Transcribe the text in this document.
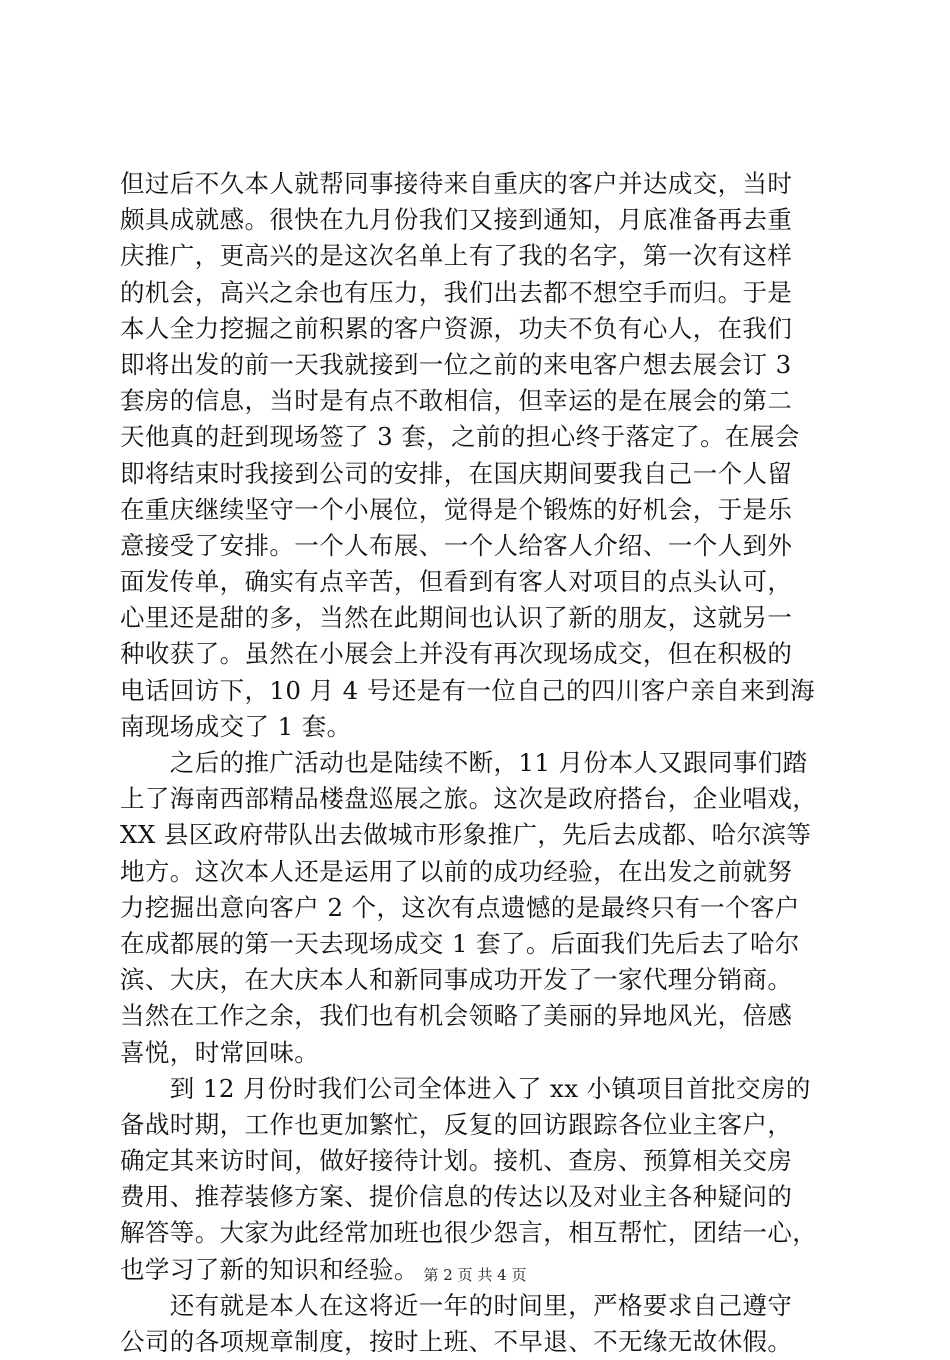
但过后不久本人就帮同事接待来自重庆的客户并达成交，当时
颇具成就感。很快在九月份我们又接到通知，月底准备再去重
庆推广，更高兴的是这次名单上有了我的名字，第一次有这样
的机会，高兴之余也有压力，我们出去都不想空手而归。于是
本人全力挖掘之前积累的客户资源，功夫不负有心人，在我们
即将出发的前一天我就接到一位之前的来电客户想去展会订 3
套房的信息，当时是有点不敢相信，但幸运的是在展会的第二
天他真的赶到现场签了 3 套，之前的担心终于落定了。在展会
即将结束时我接到公司的安排，在国庆期间要我自己一个人留
在重庆继续坚守一个小展位，觉得是个锻炼的好机会，于是乐
意接受了安排。一个人布展、一个人给客人介绍、一个人到外
面发传单，确实有点辛苦，但看到有客人对项目的点头认可，
心里还是甜的多，当然在此期间也认识了新的朋友，这就另一
种收获了。虽然在小展会上并没有再次现场成交，但在积极的
电话回访下，10 月 4 号还是有一位自己的四川客户亲自来到海
南现场成交了 1 套。
　　之后的推广活动也是陆续不断，11 月份本人又跟同事们踏
上了海南西部精品楼盘巡展之旅。这次是政府搭台，企业唱戏，
XX 县区政府带队出去做城市形象推广，先后去成都、哈尔滨等
地方。这次本人还是运用了以前的成功经验，在出发之前就努
力挖掘出意向客户 2 个，这次有点遗憾的是最终只有一个客户
在成都展的第一天去现场成交 1 套了。后面我们先后去了哈尔
滨、大庆，在大庆本人和新同事成功开发了一家代理分销商。
当然在工作之余，我们也有机会领略了美丽的异地风光，倍感
喜悦，时常回味。
　　到 12 月份时我们公司全体进入了 xx 小镇项目首批交房的
备战时期，工作也更加繁忙，反复的回访跟踪各位业主客户，
确定其来访时间，做好接待计划。接机、查房、预算相关交房
费用、推荐装修方案、提价信息的传达以及对业主各种疑问的
解答等。大家为此经常加班也很少怨言，相互帮忙，团结一心，
也学习了新的知识和经验。
　　还有就是本人在这将近一年的时间里，严格要求自己遵守
公司的各项规章制度，按时上班、不早退、不无缘无故休假。
第 2 页 共 4 页
